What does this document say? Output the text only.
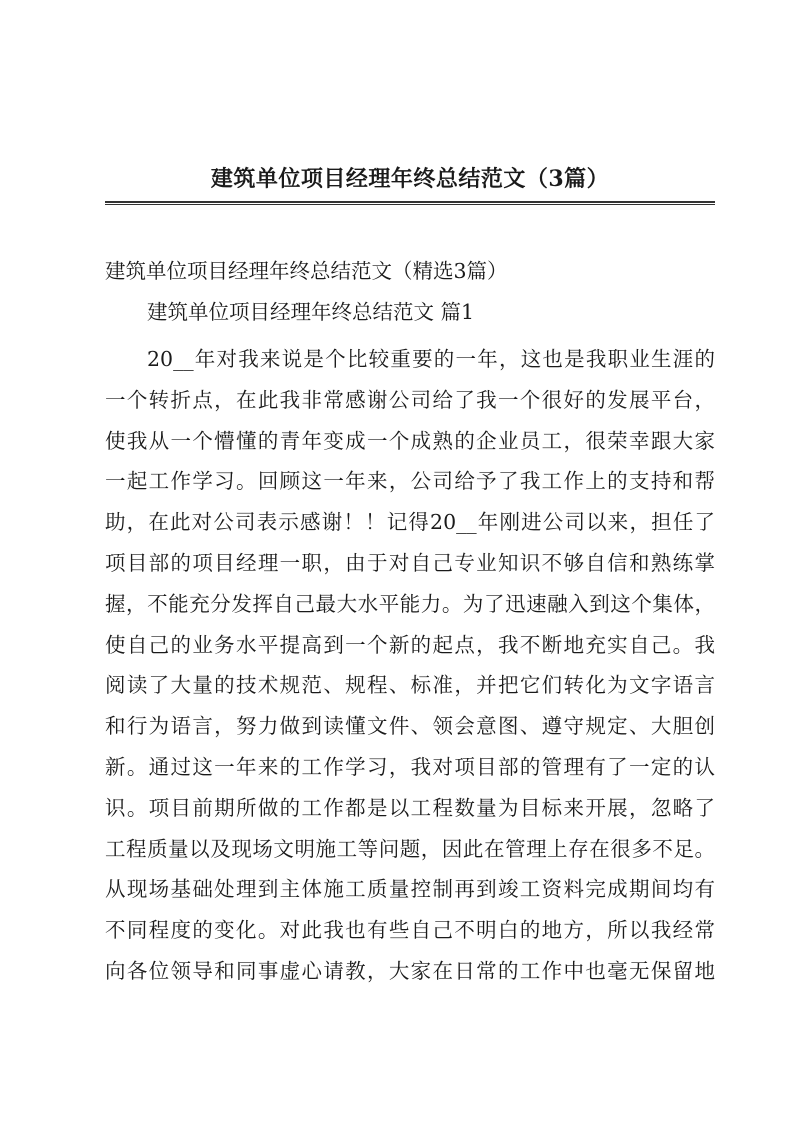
建筑单位项目经理年终总结范文（3篇）
建筑单位项目经理年终总结范文（精选3篇）
建筑单位项目经理年终总结范文 篇1
20__年对我来说是个比较重要的一年，这也是我职业生涯的
一个转折点，在此我非常感谢公司给了我一个很好的发展平台，
使我从一个懵懂的青年变成一个成熟的企业员工，很荣幸跟大家
一起工作学习。回顾这一年来，公司给予了我工作上的支持和帮
助，在此对公司表示感谢！！记得20__年刚进公司以来，担任了
项目部的项目经理一职，由于对自己专业知识不够自信和熟练掌
握，不能充分发挥自己最大水平能力。为了迅速融入到这个集体，
使自己的业务水平提高到一个新的起点，我不断地充实自己。我
阅读了大量的技术规范、规程、标准，并把它们转化为文字语言
和行为语言，努力做到读懂文件、领会意图、遵守规定、大胆创
新。通过这一年来的工作学习，我对项目部的管理有了一定的认
识。项目前期所做的工作都是以工程数量为目标来开展，忽略了
工程质量以及现场文明施工等问题，因此在管理上存在很多不足。
从现场基础处理到主体施工质量控制再到竣工资料完成期间均有
不同程度的变化。对此我也有些自己不明白的地方，所以我经常
向各位领导和同事虚心请教，大家在日常的工作中也毫无保留地
